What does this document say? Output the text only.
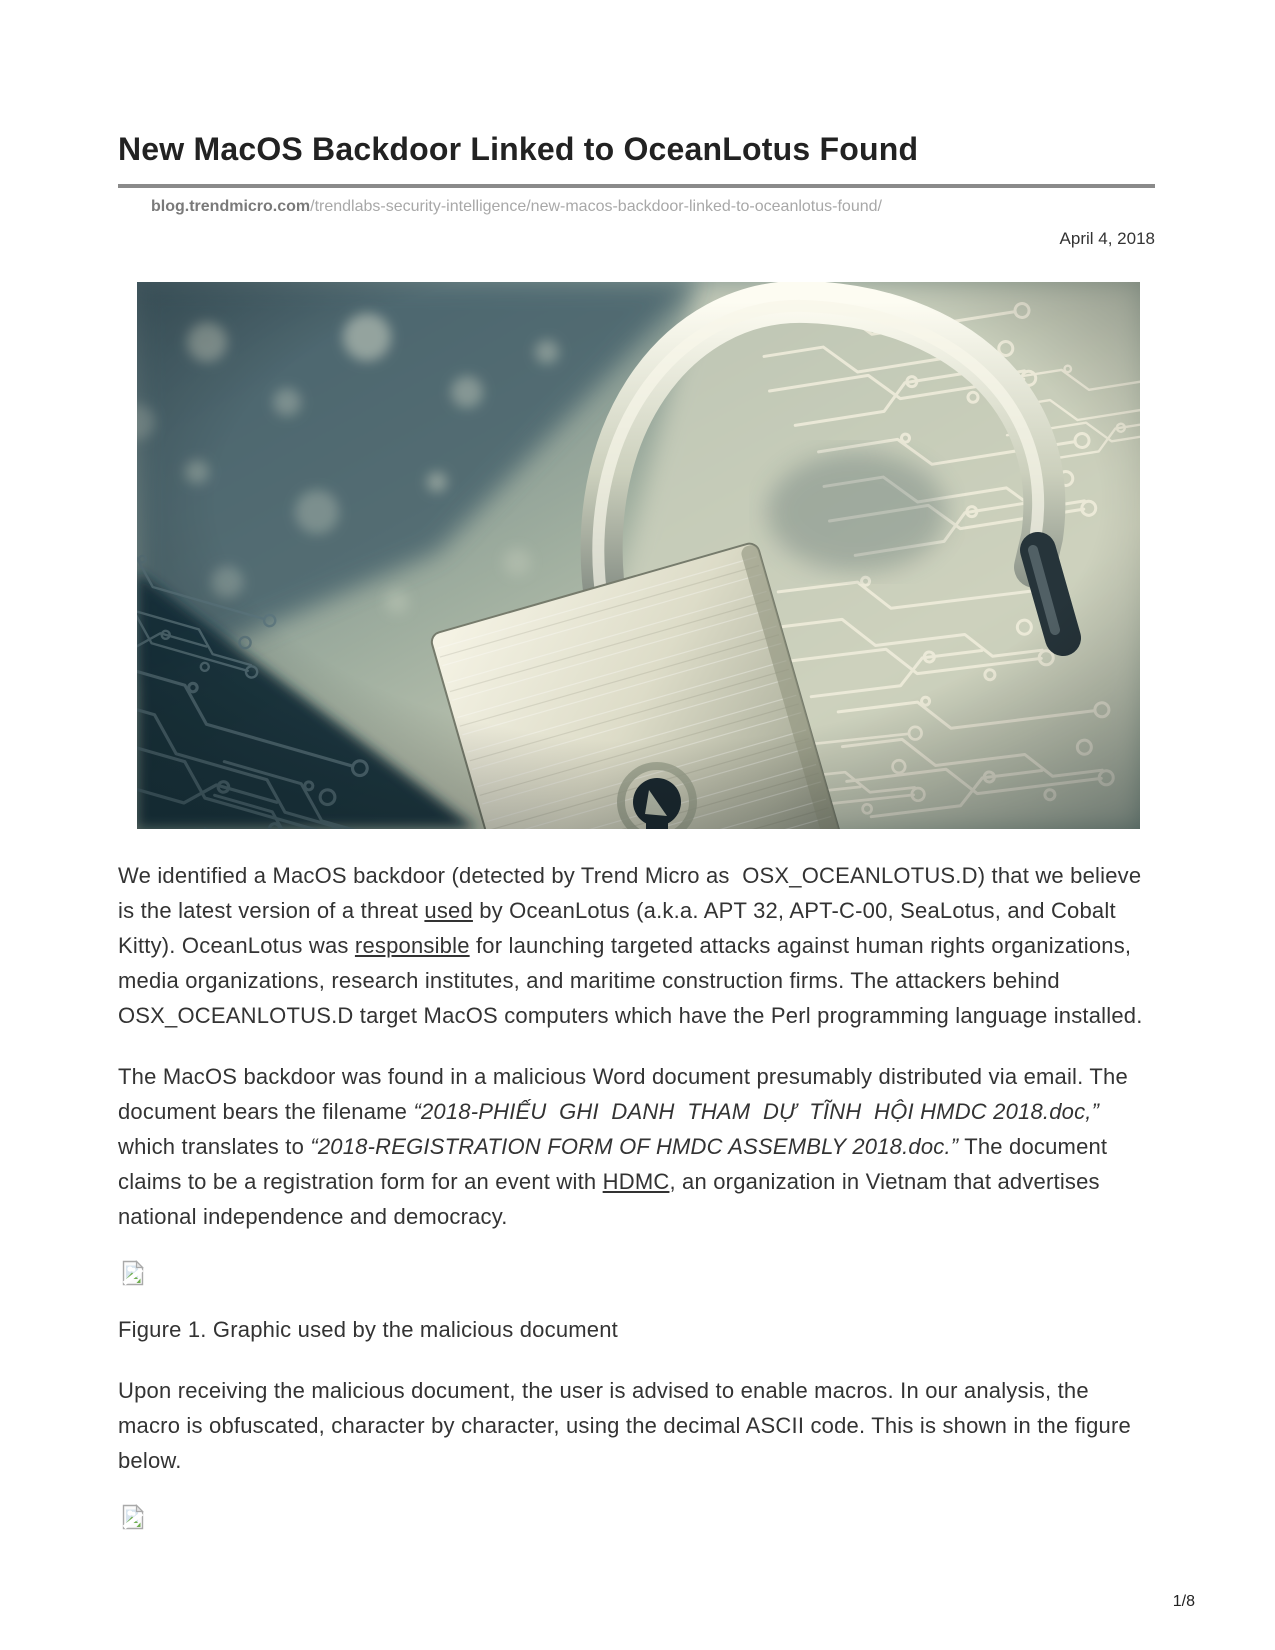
New MacOS Backdoor Linked to OceanLotus Found
blog.trendmicro.com/trendlabs-security-intelligence/new-macos-backdoor-linked-to-oceanlotus-found/
April 4, 2018

We identified a MacOS backdoor (detected by Trend Micro as  OSX_OCEANLOTUS.D) that we believe is the latest version of a threat used by OceanLotus (a.k.a. APT 32, APT-C-00, SeaLotus, and Cobalt Kitty). OceanLotus was responsible for launching targeted attacks against human rights organizations, media organizations, research institutes, and maritime construction firms. The attackers behind OSX_OCEANLOTUS.D target MacOS computers which have the Perl programming language installed.

The MacOS backdoor was found in a malicious Word document presumably distributed via email. The document bears the filename “2018-PHIẾU  GHI  DANH  THAM  DỰ  TĨNH  HỘI HMDC 2018.doc,” which translates to “2018-REGISTRATION FORM OF HMDC ASSEMBLY 2018.doc.” The document claims to be a registration form for an event with HDMC, an organization in Vietnam that advertises national independence and democracy.

Figure 1. Graphic used by the malicious document

Upon receiving the malicious document, the user is advised to enable macros. In our analysis, the macro is obfuscated, character by character, using the decimal ASCII code. This is shown in the figure below.

1/8
